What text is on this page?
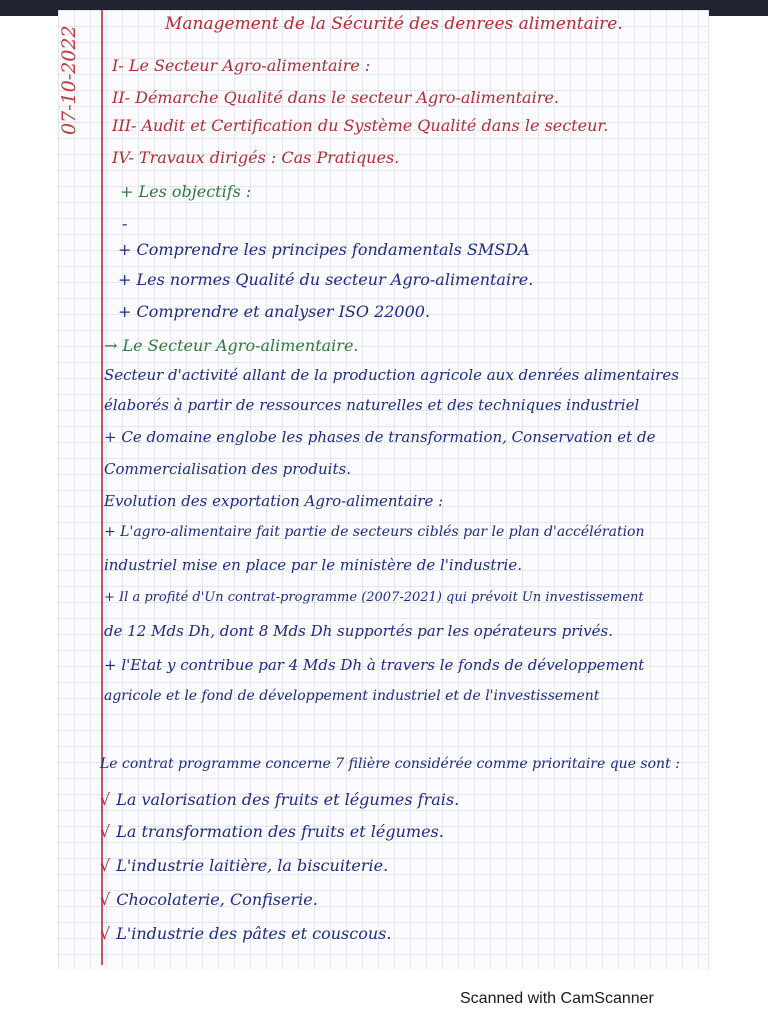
07-10-2022
Management de la Sécurité des denrees alimentaire.
I- Le Secteur Agro-alimentaire :
II- Démarche Qualité dans le secteur Agro-alimentaire.
III- Audit et Certification du Système Qualité dans le secteur.
IV- Travaux dirigés : Cas Pratiques.
+ Les objectifs :
-
+ Comprendre les principes fondamentals SMSDA
+ Les normes Qualité du secteur Agro-alimentaire.
+ Comprendre et analyser ISO 22000.
→ Le Secteur Agro-alimentaire.
Secteur d'activité allant de la production agricole aux denrées alimentaires
élaborés à partir de ressources naturelles et des techniques industriel
+ Ce domaine englobe les phases de transformation, Conservation et de
Commercialisation des produits.
Evolution des exportation Agro-alimentaire :
+ L'agro-alimentaire fait partie de secteurs ciblés par le plan d'accélération
industriel mise en place par le ministère de l'industrie.
+ Il a profité d'Un contrat-programme (2007-2021) qui prévoit Un investissement
de 12 Mds Dh, dont 8 Mds Dh supportés par les opérateurs privés.
+ l'Etat y contribue par 4 Mds Dh à travers le fonds de développement
agricole et le fond de développement industriel et de l'investissement
Le contrat programme concerne 7 filière considérée comme prioritaire que sont :
√ La valorisation des fruits et légumes frais.
√ La transformation des fruits et légumes.
√ L'industrie laitière, la biscuiterie.
√ Chocolaterie, Confiserie.
√ L'industrie des pâtes et couscous.
Scanned with CamScanner
